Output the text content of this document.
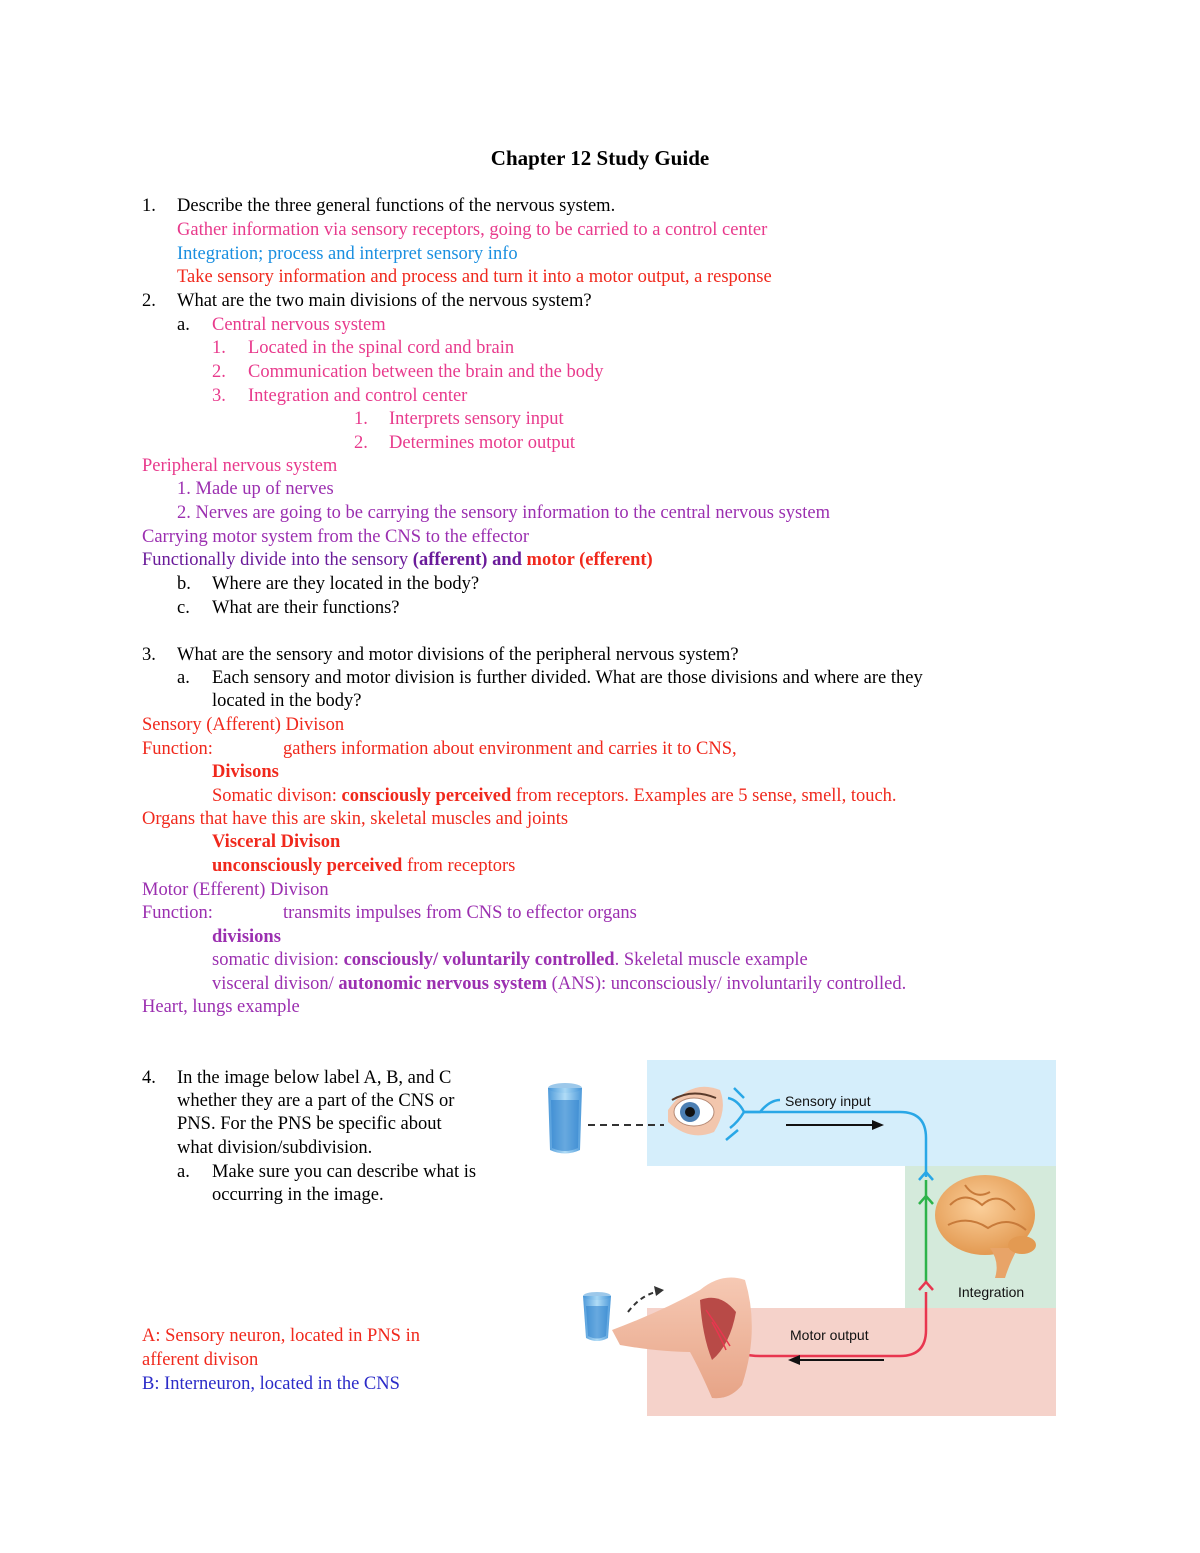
Chapter 12 Study Guide
1. Describe the three general functions of the nervous system.
Gather information via sensory receptors, going to be carried to a control center
Integration; process and interpret sensory info
Take sensory information and process and turn it into a motor output, a response
2. What are the two main divisions of the nervous system?
a. Central nervous system
1. Located in the spinal cord and brain
2. Communication between the brain and the body
3. Integration and control center
1. Interprets sensory input
2. Determines motor output
Peripheral nervous system
1. Made up of nerves
2. Nerves are going to be carrying the sensory information to the central nervous system
Carrying motor system from the CNS to the effector
Functionally divide into the sensory (afferent) and motor (efferent)
b. Where are they located in the body?
c. What are their functions?
3. What are the sensory and motor divisions of the peripheral nervous system?
a. Each sensory and motor division is further divided. What are those divisions and where are they
located in the body?
Sensory (Afferent) Divison
Function:	gathers information about environment and carries it to CNS,
Divisons
Somatic divison: consciously perceived from receptors. Examples are 5 sense, smell, touch.
Organs that have this are skin, skeletal muscles and joints
Visceral Divison
unconsciously perceived from receptors
Motor (Efferent) Divison
Function:	transmits impulses from CNS to effector organs
divisions
somatic division: consciously/ voluntarily controlled. Skeletal muscle example
visceral divison/ autonomic nervous system (ANS): unconsciously/ involuntarily controlled.
Heart, lungs example
4. In the image below label A, B, and C
whether they are a part of the CNS or
PNS. For the PNS be specific about
what division/subdivision.
a. Make sure you can describe what is
occurring in the image.
A: Sensory neuron, located in PNS in
afferent divison
B: Interneuron, located in the CNS
Sensory input
Integration
Motor output
